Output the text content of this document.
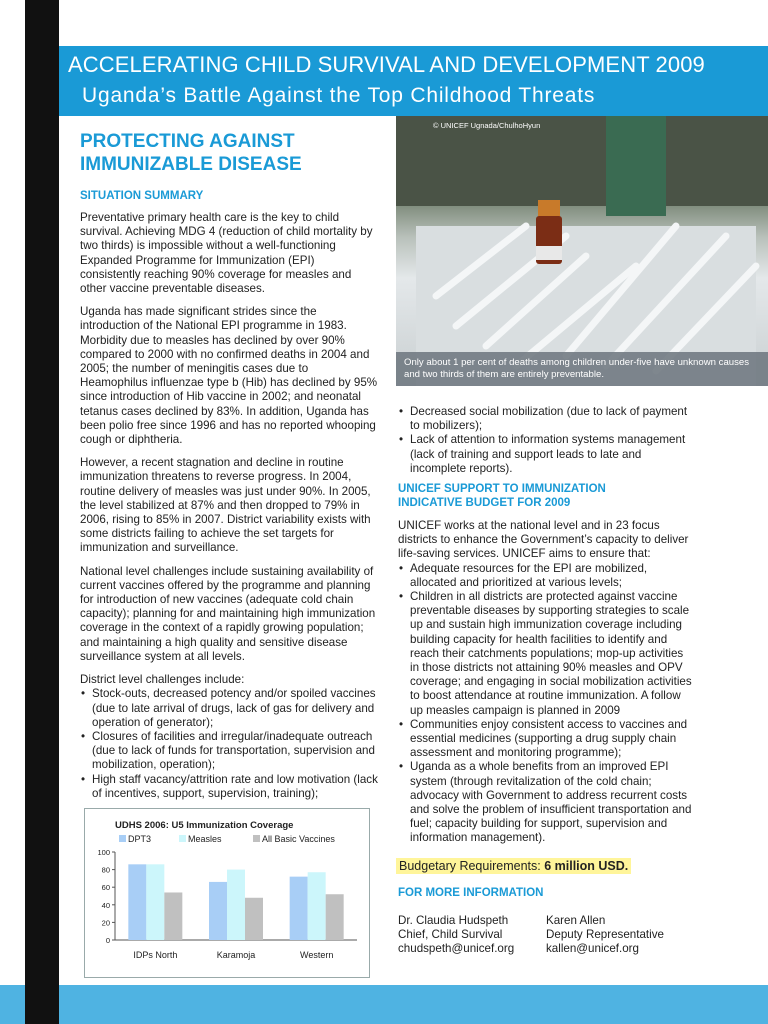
ACCELERATING CHILD SURVIVAL AND DEVELOPMENT 2009
Uganda’s Battle Against the Top Childhood Threats
PROTECTING AGAINST
IMMUNIZABLE DISEASE
SITUATION SUMMARY

Preventative primary health care is the key to child survival. Achieving MDG 4 (reduction of child mortality by two thirds) is impossible without a well-functioning Expanded Programme for Immunization (EPI) consistently reaching 90% coverage for measles and other vaccine preventable diseases.

Uganda has made significant strides since the introduction of the National EPI programme in 1983. Morbidity due to measles has declined by over 90% compared to 2000 with no confirmed deaths in 2004 and 2005; the number of meningitis cases due to Heamophilus influenzae type b (Hib) has declined by 95% since introduction of Hib vaccine in 2002; and neonatal tetanus cases declined by 83%. In addition, Uganda has been polio free since 1996 and has no reported whooping cough or diphtheria.

However, a recent stagnation and decline in routine immunization threatens to reverse progress. In 2004, routine delivery of measles was just under 90%. In 2005, the level stabilized at 87% and then dropped to 79% in 2006, rising to 85% in 2007. District variability exists with some districts failing to achieve the set targets for immunization and surveillance.

National level challenges include sustaining availability of current vaccines offered by the programme and planning for introduction of new vaccines (adequate cold chain capacity); planning for and maintaining high immunization coverage in the context of a rapidly growing population; and maintaining a high quality and sensitive disease surveillance system at all levels.

District level challenges include:

• Stock-outs, decreased potency and/or spoiled vaccines (due to late arrival of drugs, lack of gas for delivery and operation of generator);
• Closures of facilities and irregular/inadequate outreach (due to lack of funds for transportation, supervision and mobilization, operation);
• High staff vacancy/attrition rate and low motivation (lack of incentives, support, supervision, training);
UDHS 2006: U5 Immunization Coverage
DPT3	Measles	All Basic Vaccines
0
20
40
60
80
100
IDPs North	Karamoja	Western
© UNICEF Ugnada/ChulhoHyun
Only about 1 per cent of deaths among children under-five have unknown causes and two thirds of them are entirely preventable.
• Decreased social mobilization (due to lack of payment to mobilizers);
• Lack of attention to information systems management (lack of training and support leads to late and incomplete reports).
UNICEF SUPPORT TO IMMUNIZATION
INDICATIVE BUDGET FOR 2009

UNICEF works at the national level and in 23 focus districts to enhance the Government’s capacity to deliver life-saving services. UNICEF aims to ensure that:

• Adequate resources for the EPI are mobilized, allocated and prioritized at various levels;
• Children in all districts are protected against vaccine preventable diseases by supporting strategies to scale up and sustain high immunization coverage including building capacity for health facilities to identify and reach their catchments populations; mop-up activities in those districts not attaining 90% measles and OPV coverage; and engaging in social mobilization activities to boost attendance at routine immunization. A follow up measles campaign is planned in 2009
• Communities enjoy consistent access to vaccines and essential medicines (supporting a drug supply chain assessment and monitoring programme);
• Uganda as a whole benefits from an improved EPI system (through revitalization of the cold chain; advocacy with Government to address recurrent costs and solve the problem of insufficient transportation and fuel; capacity building for support, supervision and information management).
Budgetary Requirements: 6 million USD.
FOR MORE INFORMATION
Dr. Claudia Hudspeth
Chief, Child Survival
chudspeth@unicef.org
Karen Allen
Deputy Representative
kallen@unicef.org
